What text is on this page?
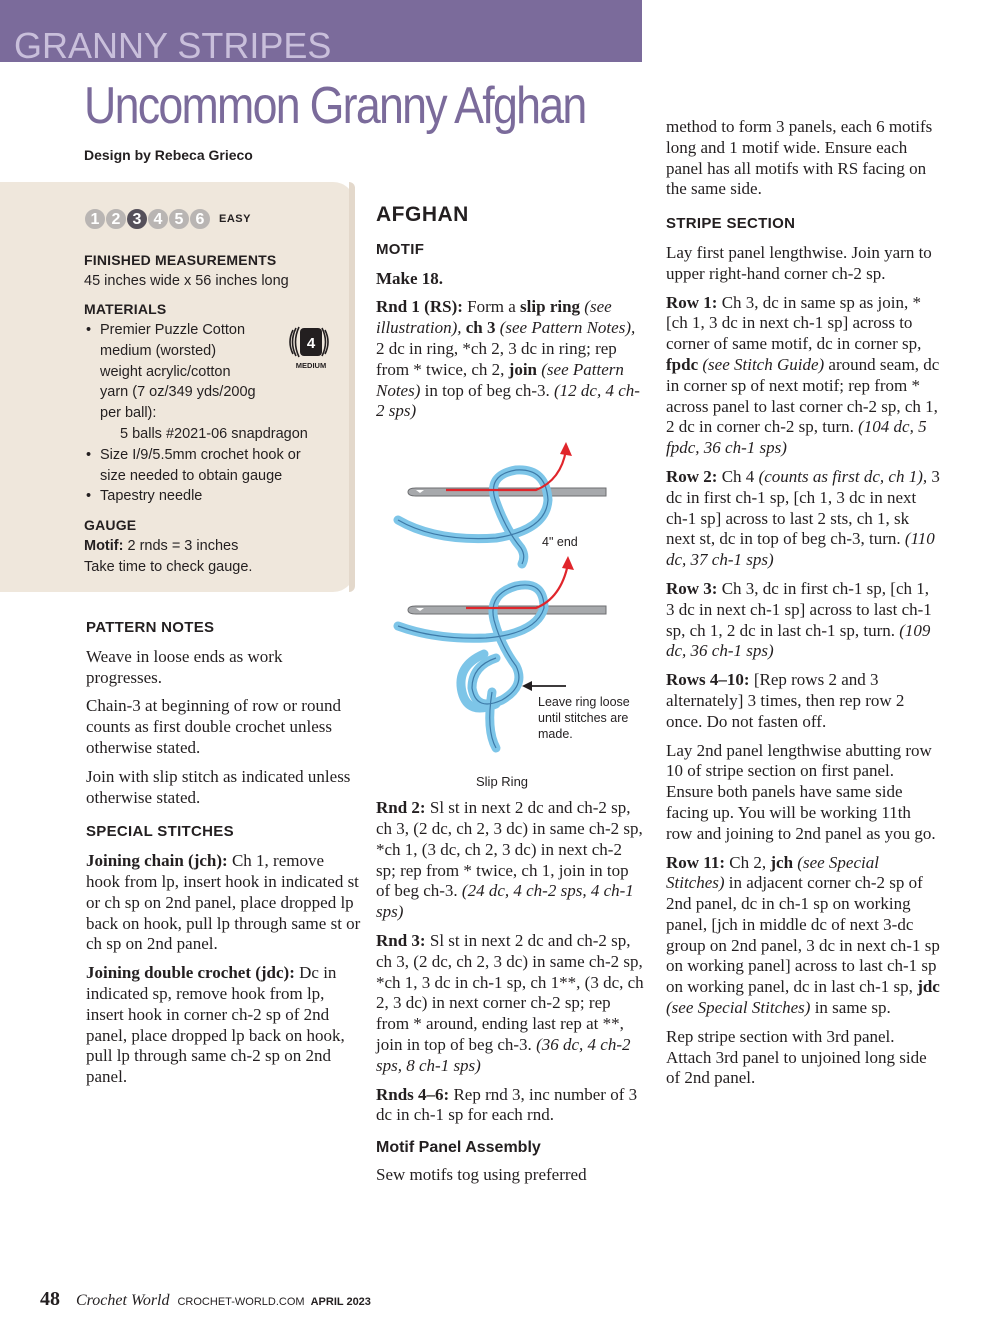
GRANNY STRIPES
Uncommon Granny Afghan
Design by Rebeca Grieco
1 2 3 4 5 6	EASY
FINISHED MEASUREMENTS
45 inches wide x 56 inches long
MATERIALS
• Premier Puzzle Cotton
medium (worsted)
weight acrylic/cotton
yarn (7 oz/349 yds/200g
per ball):
5 balls #2021-06 snapdragon
• Size I/9/5.5mm crochet hook or
size needed to obtain gauge
• Tapestry needle
4
MEDIUM
GAUGE
Motif: 2 rnds = 3 inches
Take time to check gauge.
PATTERN NOTES

Weave in loose ends as work progresses.

Chain-3 at beginning of row or round counts as first double crochet unless otherwise stated.

Join with slip stitch as indicated unless otherwise stated.

SPECIAL STITCHES

Joining chain (jch): Ch 1, remove hook from lp, insert hook in indicated st or ch sp on 2nd panel, place dropped lp back on hook, pull lp through same st or ch sp on 2nd panel.

Joining double crochet (jdc): Dc in indicated sp, remove hook from lp, insert hook in corner ch-2 sp of 2nd panel, place dropped lp back on hook, pull lp through same ch-2 sp on 2nd panel.

AFGHAN
MOTIF

Make 18.

Rnd 1 (RS): Form a slip ring (see illustration), ch 3 (see Pattern Notes), 2 dc in ring, *ch 2, 3 dc in ring; rep from * twice, ch 2, join (see Pattern Notes) in top of beg ch-3. (12 dc, 4 ch-2 sps)

4" end
Leave ring loose until stitches are made.
Slip Ring

Rnd 2: Sl st in next 2 dc and ch-2 sp, ch 3, (2 dc, ch 2, 3 dc) in same ch-2 sp, *ch 1, (3 dc, ch 2, 3 dc) in next ch-2 sp; rep from * twice, ch 1, join in top of beg ch-3. (24 dc, 4 ch-2 sps, 4 ch-1 sps)

Rnd 3: Sl st in next 2 dc and ch-2 sp, ch 3, (2 dc, ch 2, 3 dc) in same ch-2 sp, *ch 1, 3 dc in ch-1 sp, ch 1**, (3 dc, ch 2, 3 dc) in next corner ch-2 sp; rep from * around, ending last rep at **, join in top of beg ch-3. (36 dc, 4 ch-2 sps, 8 ch-1 sps)

Rnds 4–6: Rep rnd 3, inc number of 3 dc in ch-1 sp for each rnd.

Motif Panel Assembly

Sew motifs tog using preferred

method to form 3 panels, each 6 motifs long and 1 motif wide. Ensure each panel has all motifs with RS facing on the same side.

STRIPE SECTION

Lay first panel lengthwise. Join yarn to upper right-hand corner ch-2 sp.

Row 1: Ch 3, dc in same sp as join, *[ch 1, 3 dc in next ch-1 sp] across to corner of same motif, dc in corner sp, fpdc (see Stitch Guide) around seam, dc in corner sp of next motif; rep from * across panel to last corner ch-2 sp, ch 1, 2 dc in corner ch-2 sp, turn. (104 dc, 5 fpdc, 36 ch-1 sps)

Row 2: Ch 4 (counts as first dc, ch 1), 3 dc in first ch-1 sp, [ch 1, 3 dc in next ch-1 sp] across to last 2 sts, ch 1, sk next st, dc in top of beg ch-3, turn. (110 dc, 37 ch-1 sps)

Row 3: Ch 3, dc in first ch-1 sp, [ch 1, 3 dc in next ch-1 sp] across to last ch-1 sp, ch 1, 2 dc in last ch-1 sp, turn. (109 dc, 36 ch-1 sps)

Rows 4–10: [Rep rows 2 and 3 alternately] 3 times, then rep row 2 once. Do not fasten off.

Lay 2nd panel lengthwise abutting row 10 of stripe section on first panel. Ensure both panels have same side facing up. You will be working 11th row and joining to 2nd panel as you go.

Row 11: Ch 2, jch (see Special Stitches) in adjacent corner ch-2 sp of 2nd panel, dc in ch-1 sp on working panel, [jch in middle dc of next 3-dc group on 2nd panel, 3 dc in next ch-1 sp on working panel] across to last ch-1 sp on working panel, dc in last ch-1 sp, jdc (see Special Stitches) in same sp.

Rep stripe section with 3rd panel. Attach 3rd panel to unjoined long side of 2nd panel.

48 Crochet World CROCHET-WORLD.COM APRIL 2023
